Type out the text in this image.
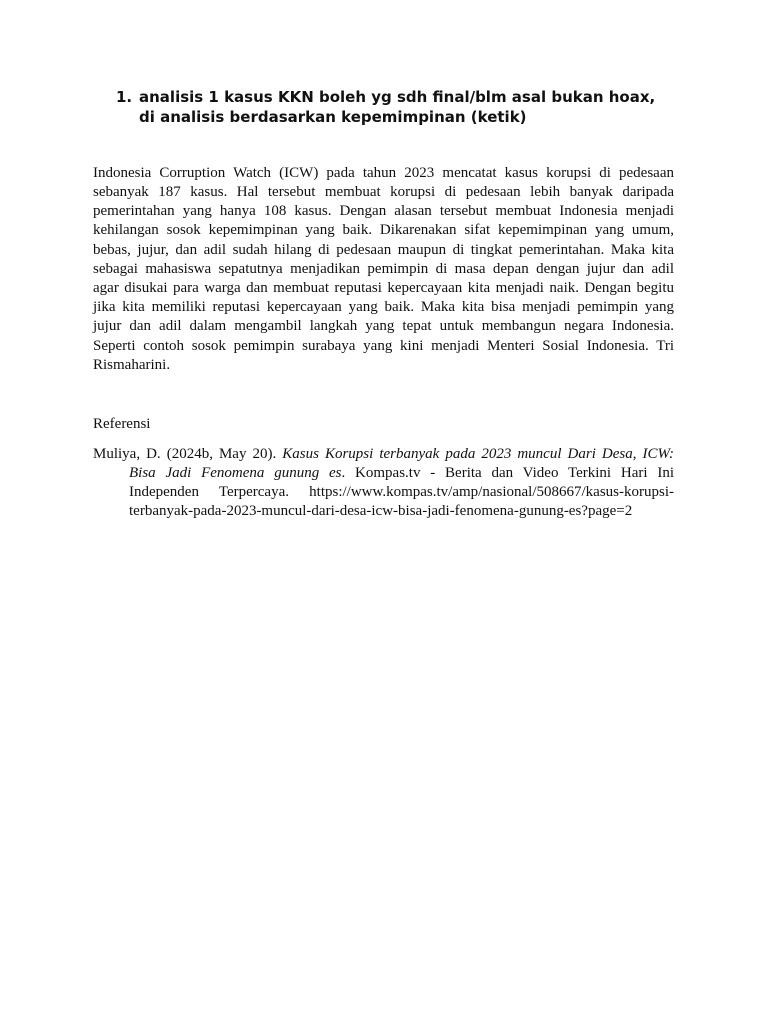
1. analisis 1 kasus KKN boleh yg sdh final/blm asal bukan hoax,
di analisis berdasarkan kepemimpinan (ketik)
Indonesia Corruption Watch (ICW) pada tahun 2023 mencatat kasus korupsi di pedesaan
sebanyak 187 kasus. Hal tersebut membuat korupsi di pedesaan lebih banyak daripada
pemerintahan yang hanya 108 kasus. Dengan alasan tersebut membuat Indonesia menjadi
kehilangan sosok kepemimpinan yang baik. Dikarenakan sifat kepemimpinan yang umum,
bebas, jujur, dan adil sudah hilang di pedesaan maupun di tingkat pemerintahan. Maka kita
sebagai mahasiswa sepatutnya menjadikan pemimpin di masa depan dengan jujur dan adil
agar disukai para warga dan membuat reputasi kepercayaan kita menjadi naik. Dengan begitu
jika kita memiliki reputasi kepercayaan yang baik. Maka kita bisa menjadi pemimpin yang
jujur dan adil dalam mengambil langkah yang tepat untuk membangun negara Indonesia.
Seperti contoh sosok pemimpin surabaya yang kini menjadi Menteri Sosial Indonesia. Tri
Rismaharini.
Referensi
Muliya, D. (2024b, May 20). Kasus Korupsi terbanyak pada 2023 muncul Dari Desa, ICW:
Bisa Jadi Fenomena gunung es. Kompas.tv - Berita dan Video Terkini Hari Ini
Independen Terpercaya. https://www.kompas.tv/amp/nasional/508667/kasus-korupsi-
terbanyak-pada-2023-muncul-dari-desa-icw-bisa-jadi-fenomena-gunung-es?page=2
